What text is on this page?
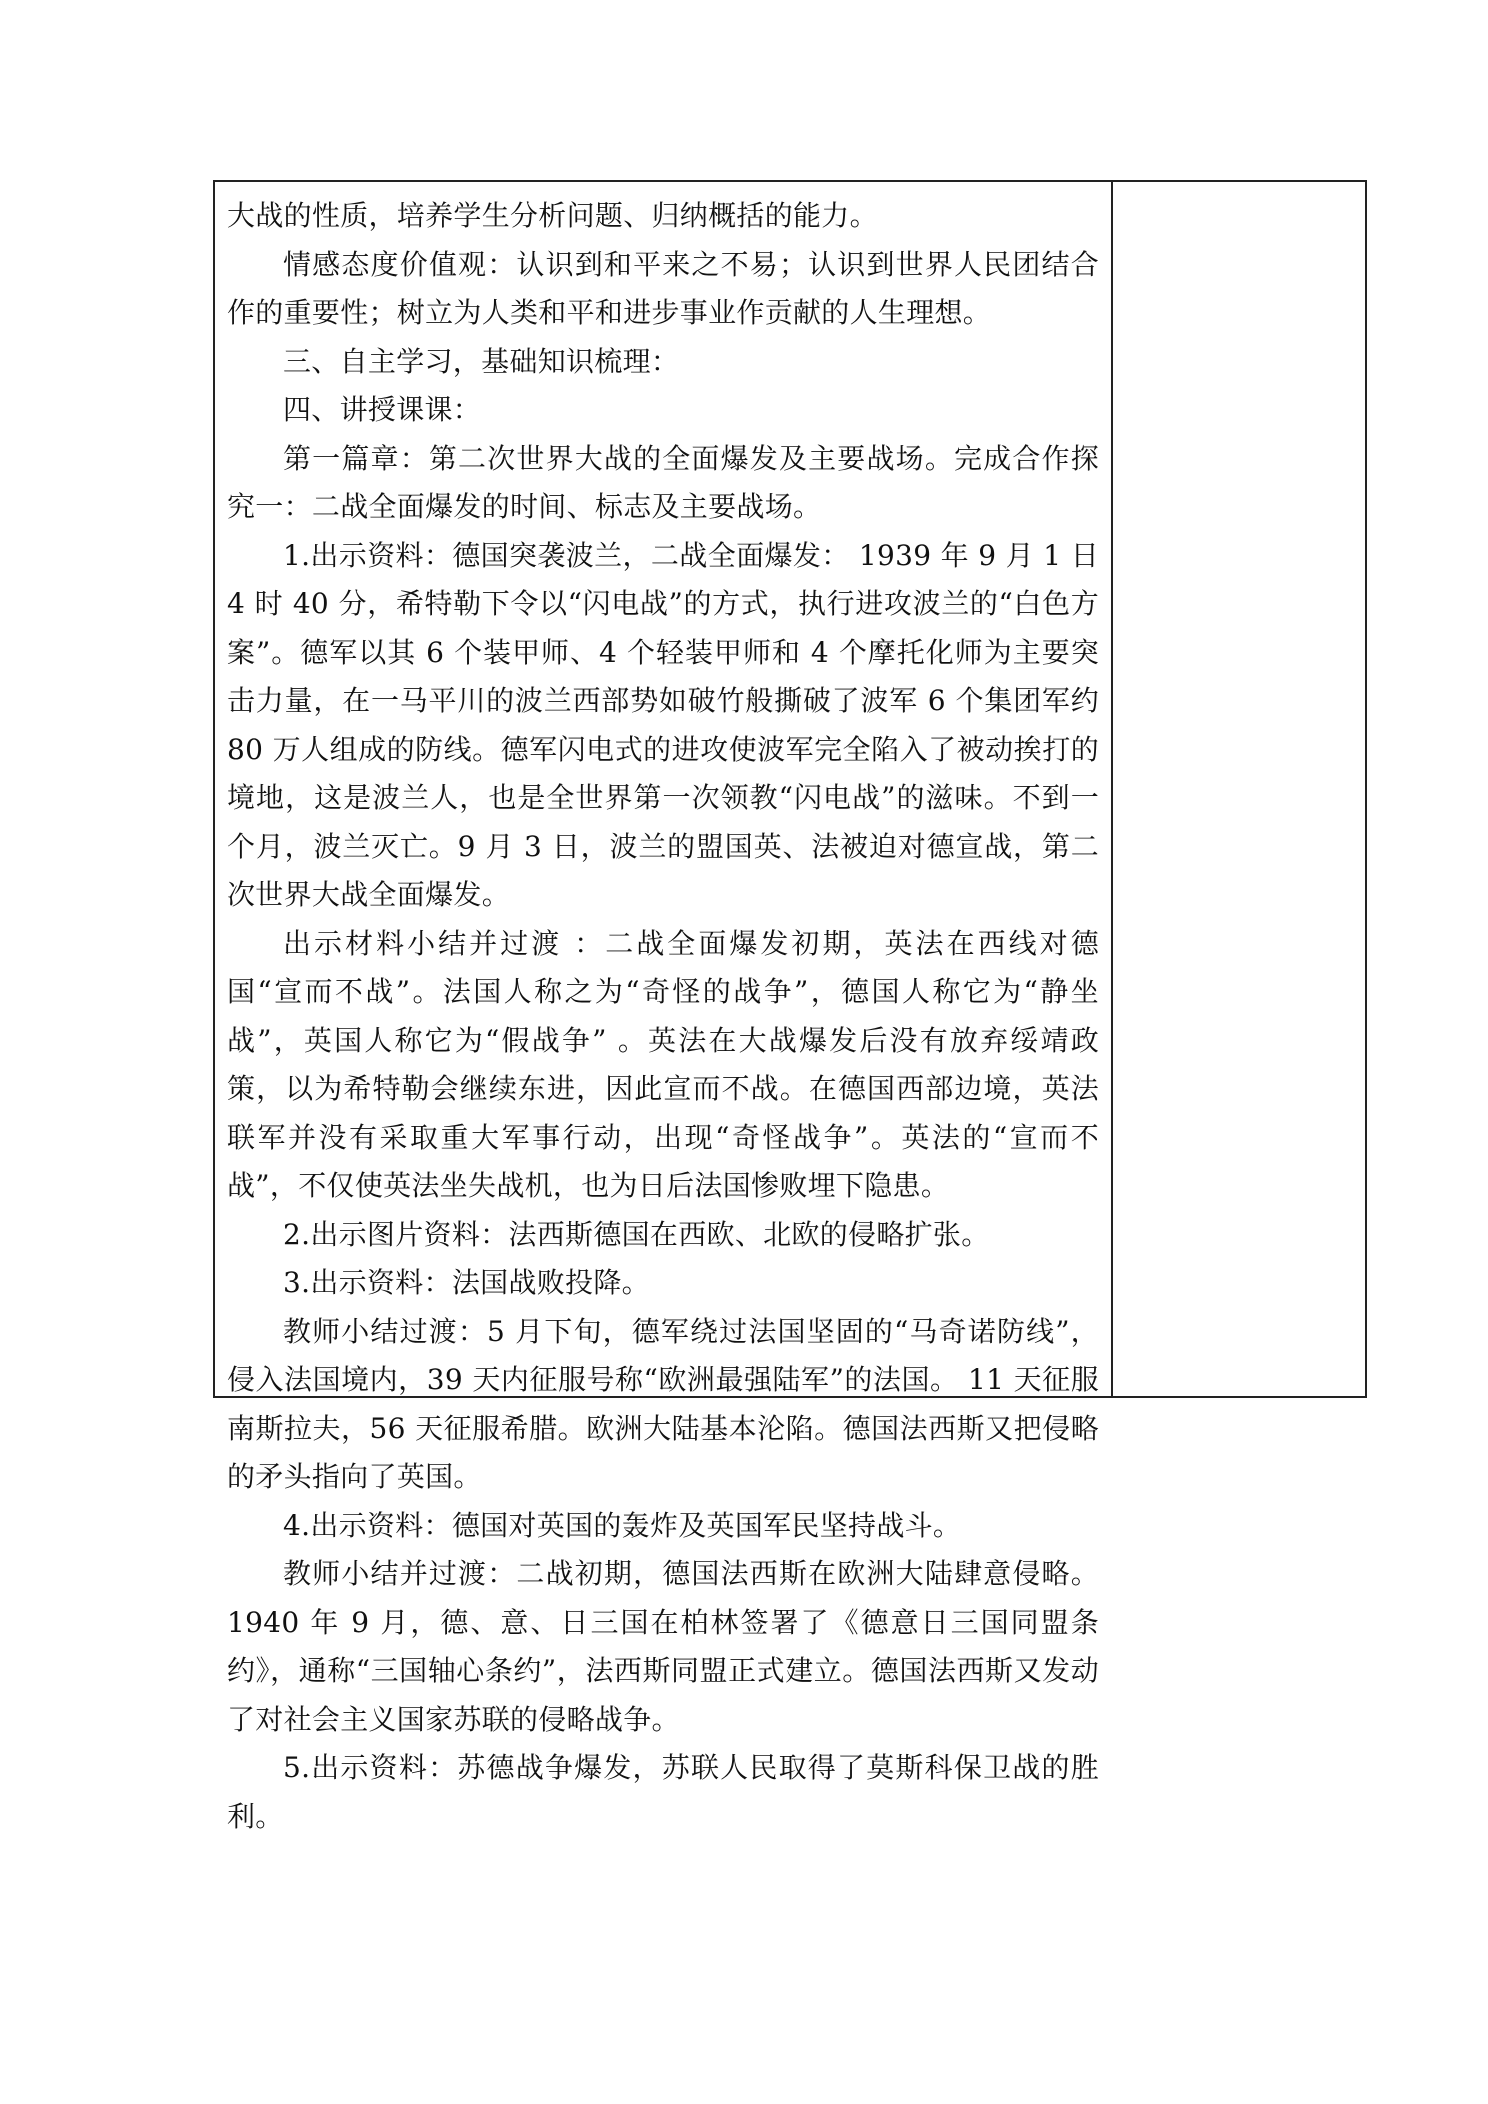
大战的性质，培养学生分析问题、归纳概括的能力。

情感态度价值观：认识到和平来之不易；认识到世界人民团结合作的重要性；树立为人类和平和进步事业作贡献的人生理想。

三、自主学习，基础知识梳理：

四、讲授课课：

第一篇章：第二次世界大战的全面爆发及主要战场。完成合作探究一：二战全面爆发的时间、标志及主要战场。

1.出示资料：德国突袭波兰，二战全面爆发： 1939 年 9 月 1 日 4 时 40 分，希特勒下令以“闪电战”的方式，执行进攻波兰的“白色方案”。德军以其 6 个装甲师、4 个轻装甲师和 4 个摩托化师为主要突击力量，在一马平川的波兰西部势如破竹般撕破了波军 6 个集团军约 80 万人组成的防线。德军闪电式的进攻使波军完全陷入了被动挨打的境地，这是波兰人，也是全世界第一次领教“闪电战”的滋味。不到一个月，波兰灭亡。9 月 3 日，波兰的盟国英、法被迫对德宣战，第二次世界大战全面爆发。

出示材料小结并过渡 ：二战全面爆发初期，英法在西线对德国“宣而不战”。法国人称之为“奇怪的战争”，德国人称它为“静坐战”，英国人称它为“假战争” 。英法在大战爆发后没有放弃绥靖政策，以为希特勒会继续东进，因此宣而不战。在德国西部边境，英法联军并没有采取重大军事行动，出现“奇怪战争”。英法的“宣而不战”，不仅使英法坐失战机，也为日后法国惨败埋下隐患。

2.出示图片资料：法西斯德国在西欧、北欧的侵略扩张。

3.出示资料：法国战败投降。

教师小结过渡：5 月下旬，德军绕过法国坚固的“马奇诺防线”，侵入法国境内，39 天内征服号称“欧洲最强陆军”的法国。 11 天征服南斯拉夫，56 天征服希腊。欧洲大陆基本沦陷。德国法西斯又把侵略的矛头指向了英国。

4.出示资料：德国对英国的轰炸及英国军民坚持战斗。

教师小结并过渡：二战初期，德国法西斯在欧洲大陆肆意侵略。1940 年 9 月，德、意、日三国在柏林签署了《德意日三国同盟条约》，通称“三国轴心条约”，法西斯同盟正式建立。德国法西斯又发动了对社会主义国家苏联的侵略战争。

5.出示资料：苏德战争爆发，苏联人民取得了莫斯科保卫战的胜利。
